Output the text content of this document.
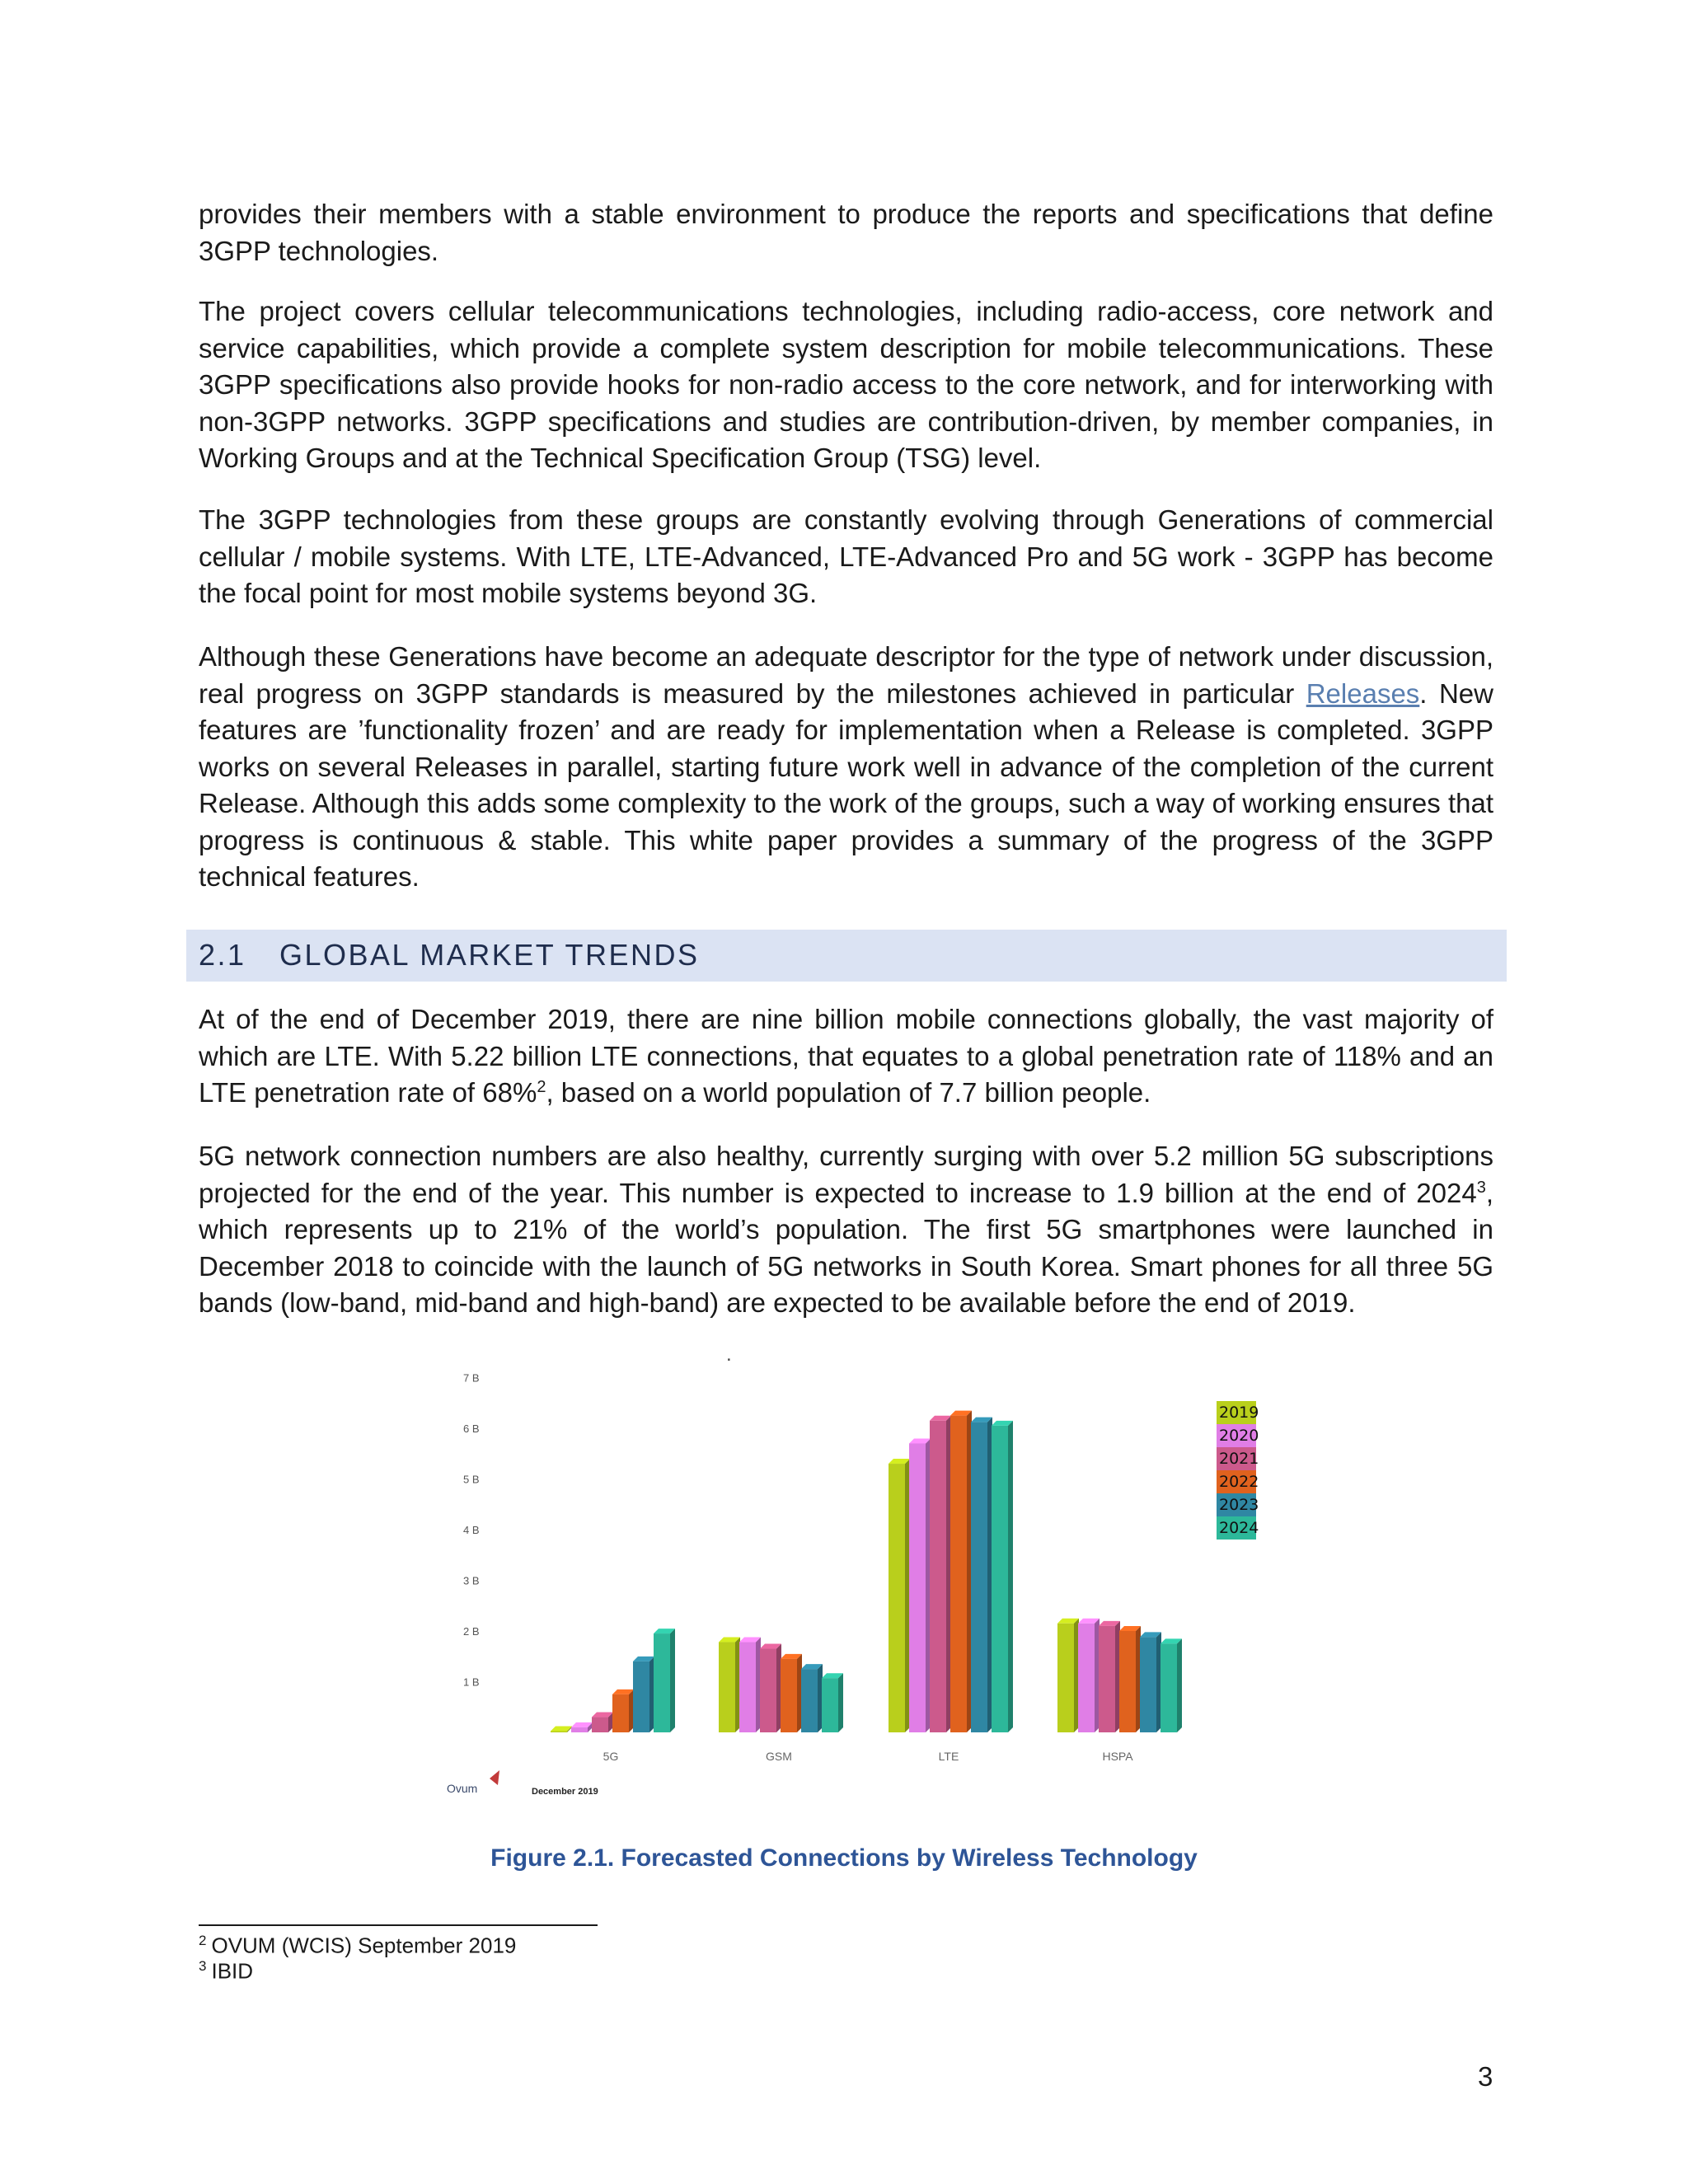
provides their members with a stable environment to produce the reports and specifications that define 3GPP technologies.

The project covers cellular telecommunications technologies, including radio-access, core network and service capabilities, which provide a complete system description for mobile telecommunications. These 3GPP specifications also provide hooks for non-radio access to the core network, and for interworking with non-3GPP networks. 3GPP specifications and studies are contribution-driven, by member companies, in Working Groups and at the Technical Specification Group (TSG) level.

The 3GPP technologies from these groups are constantly evolving through Generations of commercial cellular / mobile systems. With LTE, LTE-Advanced, LTE-Advanced Pro and 5G work - 3GPP has become the focal point for most mobile systems beyond 3G.

Although these Generations have become an adequate descriptor for the type of network under discussion, real progress on 3GPP standards is measured by the milestones achieved in particular Releases. New features are ’functionality frozen’ and are ready for implementation when a Release is completed. 3GPP works on several Releases in parallel, starting future work well in advance of the completion of the current Release. Although this adds some complexity to the work of the groups, such a way of working ensures that progress is continuous & stable. This white paper provides a summary of the progress of the 3GPP technical features.

2.1 GLOBAL MARKET TRENDS

At of the end of December 2019, there are nine billion mobile connections globally, the vast majority of which are LTE. With 5.22 billion LTE connections, that equates to a global penetration rate of 118% and an LTE penetration rate of 68%$^2$, based on a world population of 7.7 billion people.

5G network connection numbers are also healthy, currently surging with over 5.2 million 5G subscriptions projected for the end of the year. This number is expected to increase to 1.9 billion at the end of 2024$^3$, which represents up to 21% of the world’s population. The first 5G smartphones were launched in December 2018 to coincide with the launch of 5G networks in South Korea. Smart phones for all three 5G bands (low-band, mid-band and high-band) are expected to be available before the end of 2019.

.
1 B
2 B
3 B
4 B
5 B
6 B
7 B
5G	GSM	LTE	HSPA
2019
2020
2021
2022
2023
2024
Ovum	December 2019
Figure 2.1. Forecasted Connections by Wireless Technology
$^2$ OVUM (WCIS) September 2019
$^3$ IBID
3
